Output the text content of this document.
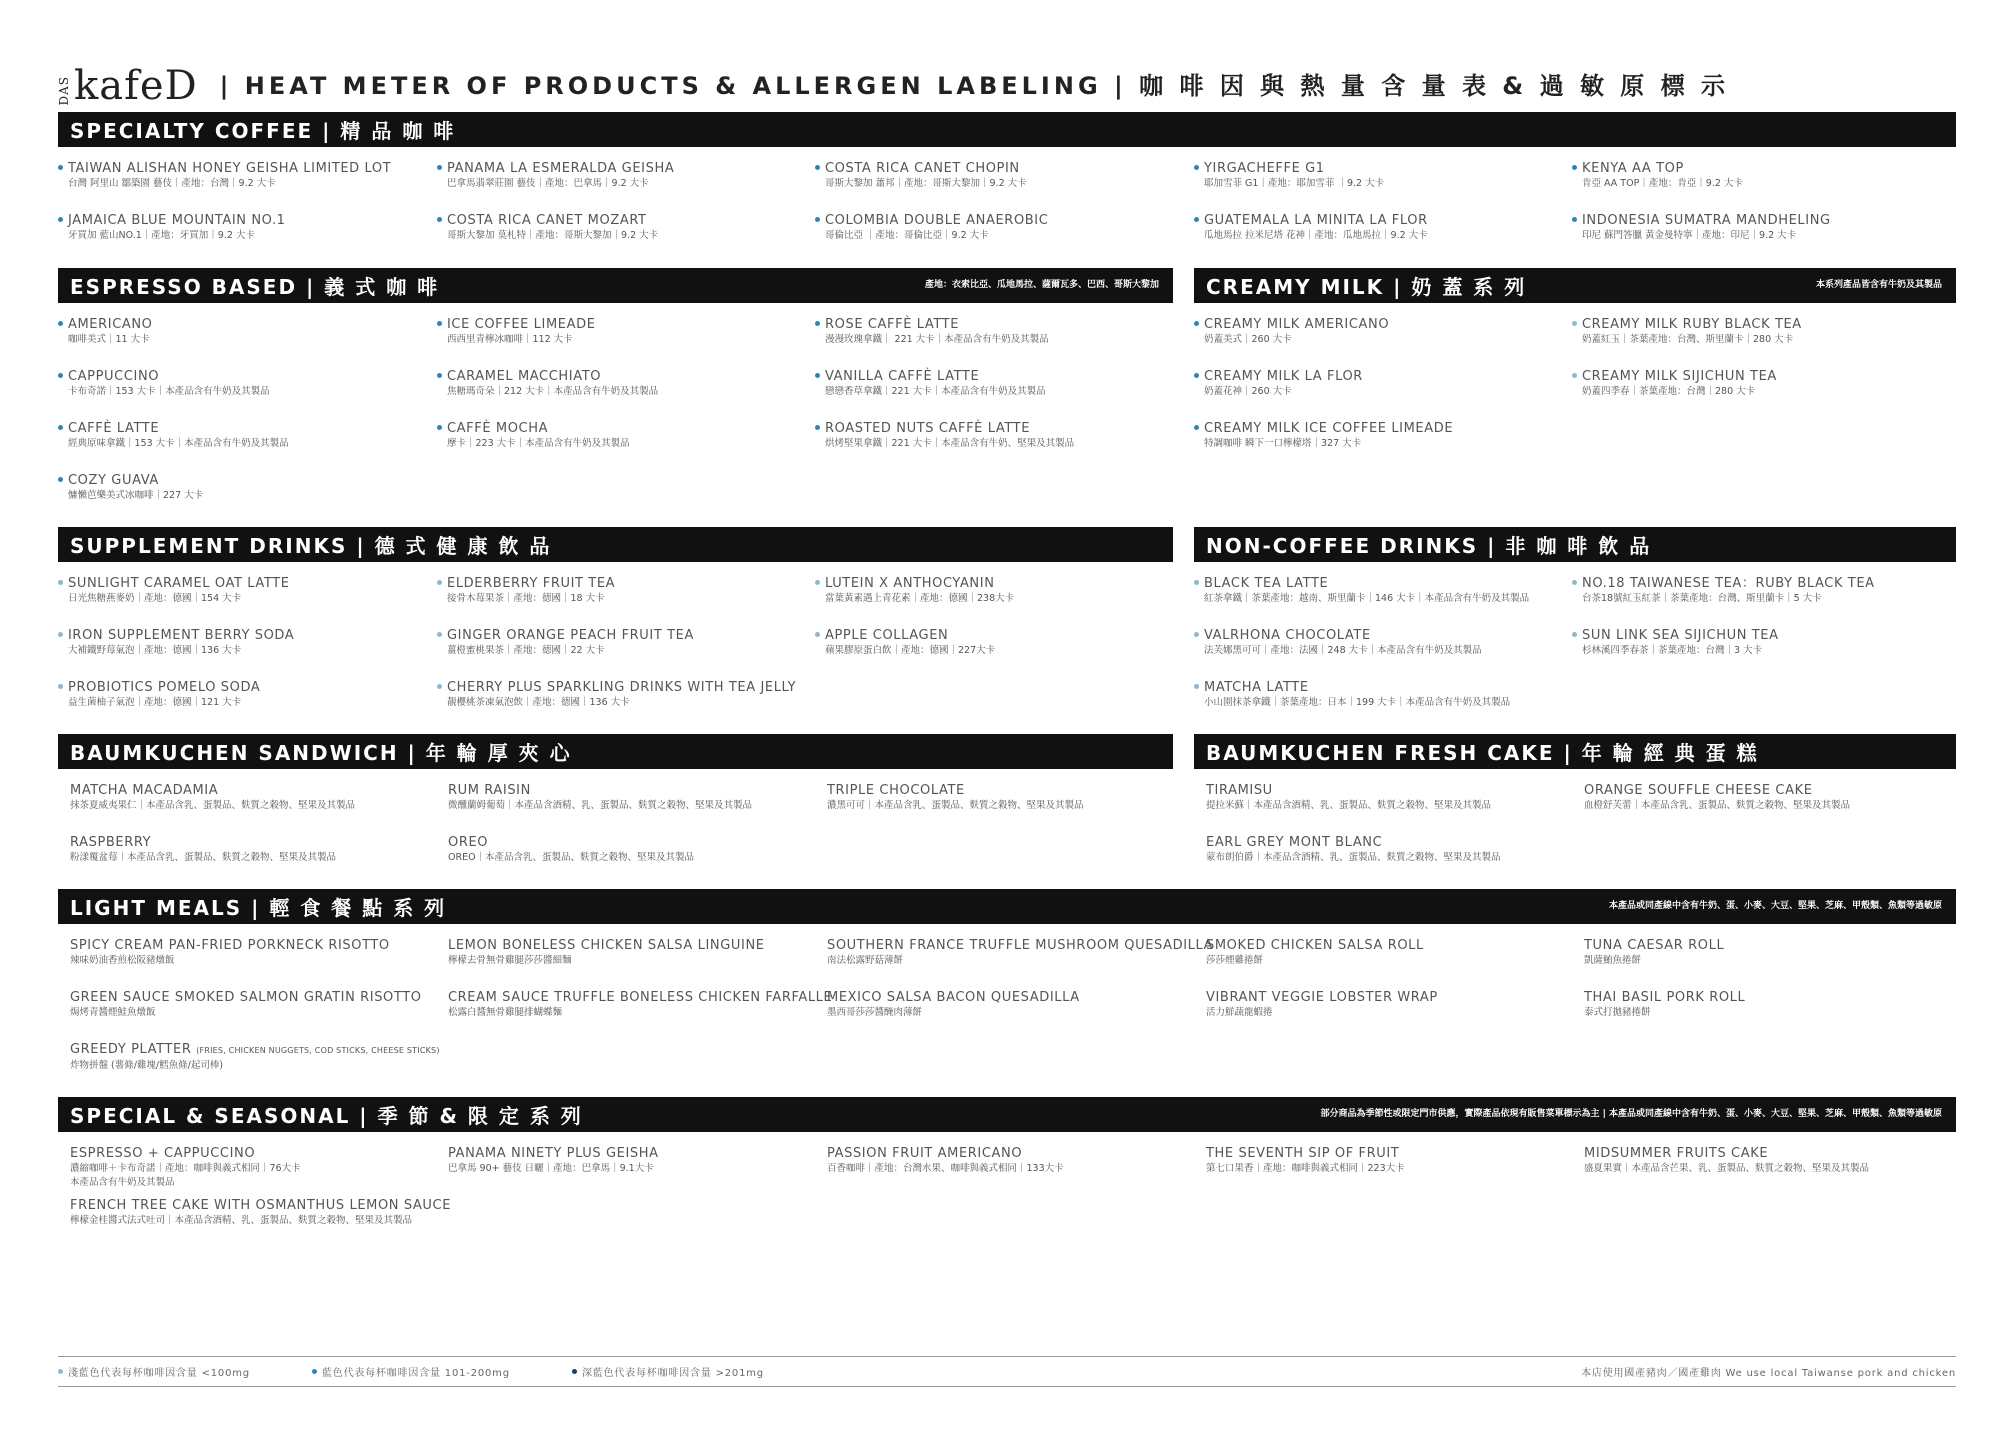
DAS kafeD | HEAT METER OF PRODUCTS & ALLERGEN LABELING | 咖 啡 因 與 熱 量 含 量 表 & 過 敏 原 標 示
SPECIALTY COFFEE | 精 品 咖 啡
ESPRESSO BASED | 義 式 咖 啡	產地：衣索比亞、瓜地馬拉、薩爾瓦多、巴西、哥斯大黎加	CREAMY MILK | 奶 蓋 系 列	本系列產品皆含有牛奶及其製品
SUPPLEMENT DRINKS | 德 式 健 康 飲 品	NON-COFFEE DRINKS | 非 咖 啡 飲 品
BAUMKUCHEN SANDWICH | 年 輪 厚 夾 心	BAUMKUCHEN FRESH CAKE | 年 輪 經 典 蛋 糕
LIGHT MEALS | 輕 食 餐 點 系 列	本產品或同產線中含有牛奶、蛋、小麥、大豆、堅果、芝麻、甲殼類、魚類等過敏原
SPECIAL & SEASONAL | 季 節 & 限 定 系 列	部分商品為季節性或限定門市供應，實際產品依現有販售菜單標示為主 | 本產品或同產線中含有牛奶、蛋、小麥、大豆、堅果、芝麻、甲殼類、魚類等過敏原
TAIWAN ALISHAN HONEY GEISHA LIMITED LOT
台灣 阿里山 鄒築園 藝伎｜產地：台灣｜9.2 大卡
PANAMA LA ESMERALDA GEISHA
巴拿馬翡翠莊園 藝伎｜產地：巴拿馬｜9.2 大卡
COSTA RICA CANET CHOPIN
哥斯大黎加 蕭邦｜產地：哥斯大黎加｜9.2 大卡
YIRGACHEFFE G1
耶加雪菲 G1｜產地：耶加雪菲 ｜9.2 大卡
KENYA AA TOP
肯亞 AA TOP｜產地：肯亞｜9.2 大卡
JAMAICA BLUE MOUNTAIN NO.1
牙買加 藍山NO.1｜產地：牙買加｜9.2 大卡
COSTA RICA CANET MOZART
哥斯大黎加 莫札特｜產地：哥斯大黎加｜9.2 大卡
COLOMBIA DOUBLE ANAEROBIC
哥倫比亞 ｜產地：哥倫比亞｜9.2 大卡
GUATEMALA LA MINITA LA FLOR
瓜地馬拉 拉米尼塔 花神｜產地：瓜地馬拉｜9.2 大卡
INDONESIA SUMATRA MANDHELING
印尼 蘇門答臘 黃金曼特寧｜產地：印尼｜9.2 大卡
AMERICANO
咖啡美式｜11 大卡
ICE COFFEE LIMEADE
西西里青檸冰咖啡｜112 大卡
ROSE CAFFÈ LATTE
漫漫玫瑰拿鐵｜ 221 大卡｜本產品含有牛奶及其製品
CAPPUCCINO
卡布奇諾｜153 大卡｜本產品含有牛奶及其製品
CARAMEL MACCHIATO
焦糖瑪奇朵｜212 大卡｜本產品含有牛奶及其製品
VANILLA CAFFÈ LATTE
戀戀香草拿鐵｜221 大卡｜本產品含有牛奶及其製品
CAFFÈ LATTE
經典原味拿鐵｜153 大卡｜本產品含有牛奶及其製品
CAFFÈ MOCHA
摩卡｜223 大卡｜本產品含有牛奶及其製品
ROASTED NUTS CAFFÈ LATTE
烘烤堅果拿鐵｜221 大卡｜本產品含有牛奶、堅果及其製品
COZY GUAVA
慵懶芭樂美式冰咖啡｜227 大卡
CREAMY MILK AMERICANO
奶蓋美式｜260 大卡
CREAMY MILK RUBY BLACK TEA
奶蓋紅玉｜茶葉產地：台灣、斯里蘭卡｜280 大卡
CREAMY MILK LA FLOR
奶蓋花神｜260 大卡
CREAMY MILK SIJICHUN TEA
奶蓋四季春｜茶葉產地：台灣｜280 大卡
CREAMY MILK ICE COFFEE LIMEADE
特調咖啡 瞬下一口檸檬塔｜327 大卡
SUNLIGHT CARAMEL OAT LATTE
日光焦糖燕麥奶｜產地：德國｜154 大卡
ELDERBERRY FRUIT TEA
接骨木莓果茶｜產地：德國｜18 大卡
LUTEIN X ANTHOCYANIN
當葉黃素遇上青花素｜產地：德國｜238大卡
IRON SUPPLEMENT BERRY SODA
大補鐵野莓氣泡｜產地：德國｜136 大卡
GINGER ORANGE PEACH FRUIT TEA
薑橙蜜桃果茶｜產地：德國｜22 大卡
APPLE COLLAGEN
蘋果膠原蛋白飲｜產地：德國｜227大卡
PROBIOTICS POMELO SODA
益生菌柚子氣泡｜產地：德國｜121 大卡
CHERRY PLUS SPARKLING DRINKS WITH TEA JELLY
靚櫻桃茶凍氣泡飲｜產地：德國｜136 大卡
BLACK TEA LATTE
紅茶拿鐵｜茶葉產地：越南、斯里蘭卡｜146 大卡｜本產品含有牛奶及其製品
NO.18 TAIWANESE TEA：RUBY BLACK TEA
台茶18號紅玉紅茶｜茶葉產地：台灣、斯里蘭卡｜5 大卡
VALRHONA CHOCOLATE
法芙娜黑可可｜產地：法國｜248 大卡｜本產品含有牛奶及其製品
SUN LINK SEA SIJICHUN TEA
杉林溪四季春茶｜茶葉產地：台灣｜3 大卡
MATCHA LATTE
小山園抹茶拿鐵｜茶葉產地：日本｜199 大卡｜本產品含有牛奶及其製品
MATCHA MACADAMIA
抹茶夏威夷果仁｜本產品含乳、蛋製品、麩質之穀物、堅果及其製品
RUM RAISIN
微醺蘭姆葡萄｜本產品含酒精、乳、蛋製品、麩質之穀物、堅果及其製品
TRIPLE CHOCOLATE
濃黑可可｜本產品含乳、蛋製品、麩質之穀物、堅果及其製品
RASPBERRY
粉漾覆盆莓｜本產品含乳、蛋製品、麩質之穀物、堅果及其製品
OREO
OREO｜本產品含乳、蛋製品、麩質之穀物、堅果及其製品
TIRAMISU
提拉米蘇｜本產品含酒精、乳、蛋製品、麩質之穀物、堅果及其製品
ORANGE SOUFFLE CHEESE CAKE
血橙舒芙蕾｜本產品含乳、蛋製品、麩質之穀物、堅果及其製品
EARL GREY MONT BLANC
蒙布朗伯爵｜本產品含酒精、乳、蛋製品、麩質之穀物、堅果及其製品
SPICY CREAM PAN-FRIED PORKNECK RISOTTO
辣味奶油香煎松阪豬燉飯
LEMON BONELESS CHICKEN SALSA LINGUINE
檸檬去骨無骨雞腿莎莎醬細麵
SOUTHERN FRANCE TRUFFLE MUSHROOM QUESADILLA
南法松露野菇薄餅
SMOKED CHICKEN SALSA ROLL
莎莎煙雞捲餅
TUNA CAESAR ROLL
凱薩鮪魚捲餅
GREEN SAUCE SMOKED SALMON GRATIN RISOTTO
焗烤青醬煙鮭魚燉飯
CREAM SAUCE TRUFFLE BONELESS CHICKEN FARFALLE
松露白醬無骨雞腿排蝴蝶麵
MEXICO SALSA BACON QUESADILLA
墨西哥莎莎醬醃肉薄餅
VIBRANT VEGGIE LOBSTER WRAP
活力鮮蔬龍蝦捲
THAI BASIL PORK ROLL
泰式打拋豬捲餅
GREEDY PLATTER (FRIES, CHICKEN NUGGETS, COD STICKS, CHEESE STICKS)
炸物拼盤 (薯條/雞塊/鱈魚條/起司棒)
ESPRESSO + CAPPUCCINO
濃縮咖啡＋卡布奇諾｜產地：咖啡與義式相同｜76大卡
本產品含有牛奶及其製品
PANAMA NINETY PLUS GEISHA
巴拿馬 90+ 藝伎 日曬｜產地：巴拿馬｜9.1大卡
PASSION FRUIT AMERICANO
百香咖啡｜產地：台灣水果、咖啡與義式相同｜133大卡
THE SEVENTH SIP OF FRUIT
第七口果香｜產地：咖啡與義式相同｜223大卡
MIDSUMMER FRUITS CAKE
盛夏果實｜本產品含芒果、乳、蛋製品、麩質之穀物、堅果及其製品
FRENCH TREE CAKE WITH OSMANTHUS LEMON SAUCE
檸檬金桂醬式法式吐司｜本產品含酒精、乳、蛋製品、麩質之穀物、堅果及其製品
淺藍色代表每杯咖啡因含量 <100mg	藍色代表每杯咖啡因含量 101-200mg	深藍色代表每杯咖啡因含量 >201mg	本店使用國產豬肉／國產雞肉 We use local Taiwanse pork and chicken
